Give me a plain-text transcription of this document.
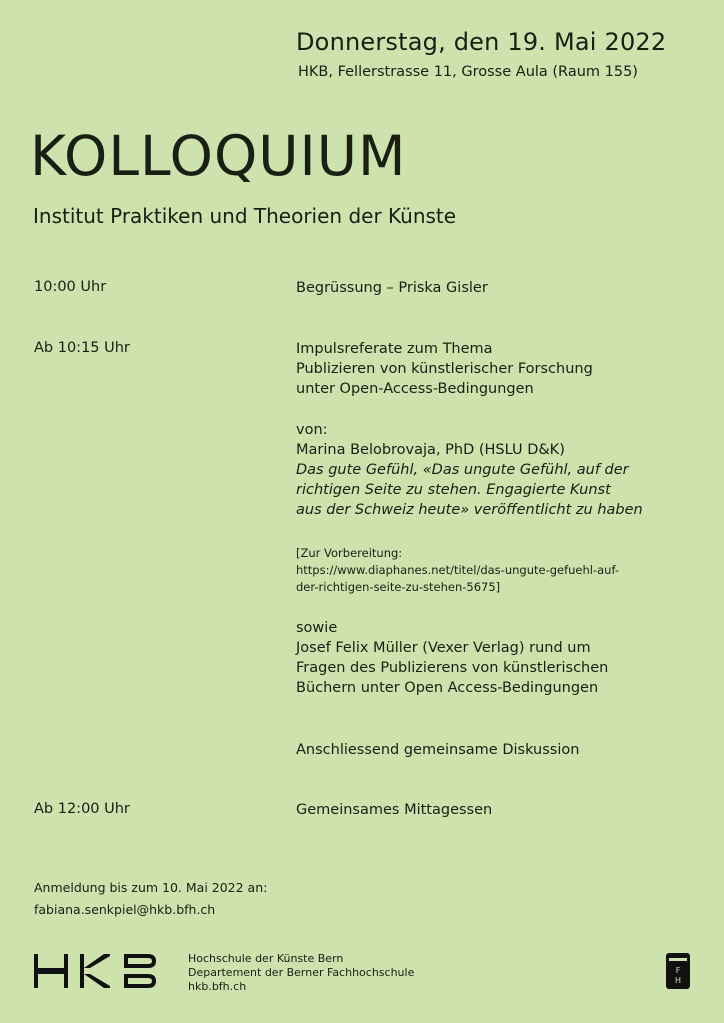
Donnerstag, den 19. Mai 2022
HKB, Fellerstrasse 11, Grosse Aula (Raum 155)
KOLLOQUIUM
Institut Praktiken und Theorien der Künste
10:00 Uhr	Begrüssung – Priska Gisler
Ab 10:15 Uhr	Impulsreferate zum Thema
Publizieren von künstlerischer Forschung
unter Open-Access-Bedingungen
von:
Marina Belobrovaja, PhD (HSLU D&K)
Das gute Gefühl, «Das ungute Gefühl, auf der
richtigen Seite zu stehen. Engagierte Kunst
aus der Schweiz heute» veröffentlicht zu haben
[Zur Vorbereitung:
https://www.diaphanes.net/titel/das-ungute-gefuehl-auf-
der-richtigen-seite-zu-stehen-5675]
sowie
Josef Felix Müller (Vexer Verlag) rund um
Fragen des Publizierens von künstlerischen
Büchern unter Open Access-Bedingungen
Anschliessend gemeinsame Diskussion
Ab 12:00 Uhr	Gemeinsames Mittagessen
Anmeldung bis zum 10. Mai 2022 an:
fabiana.senkpiel@hkb.bfh.ch
Hochschule der Künste Bern
Departement der Berner Fachhochschule
hkb.bfh.ch
F
H
